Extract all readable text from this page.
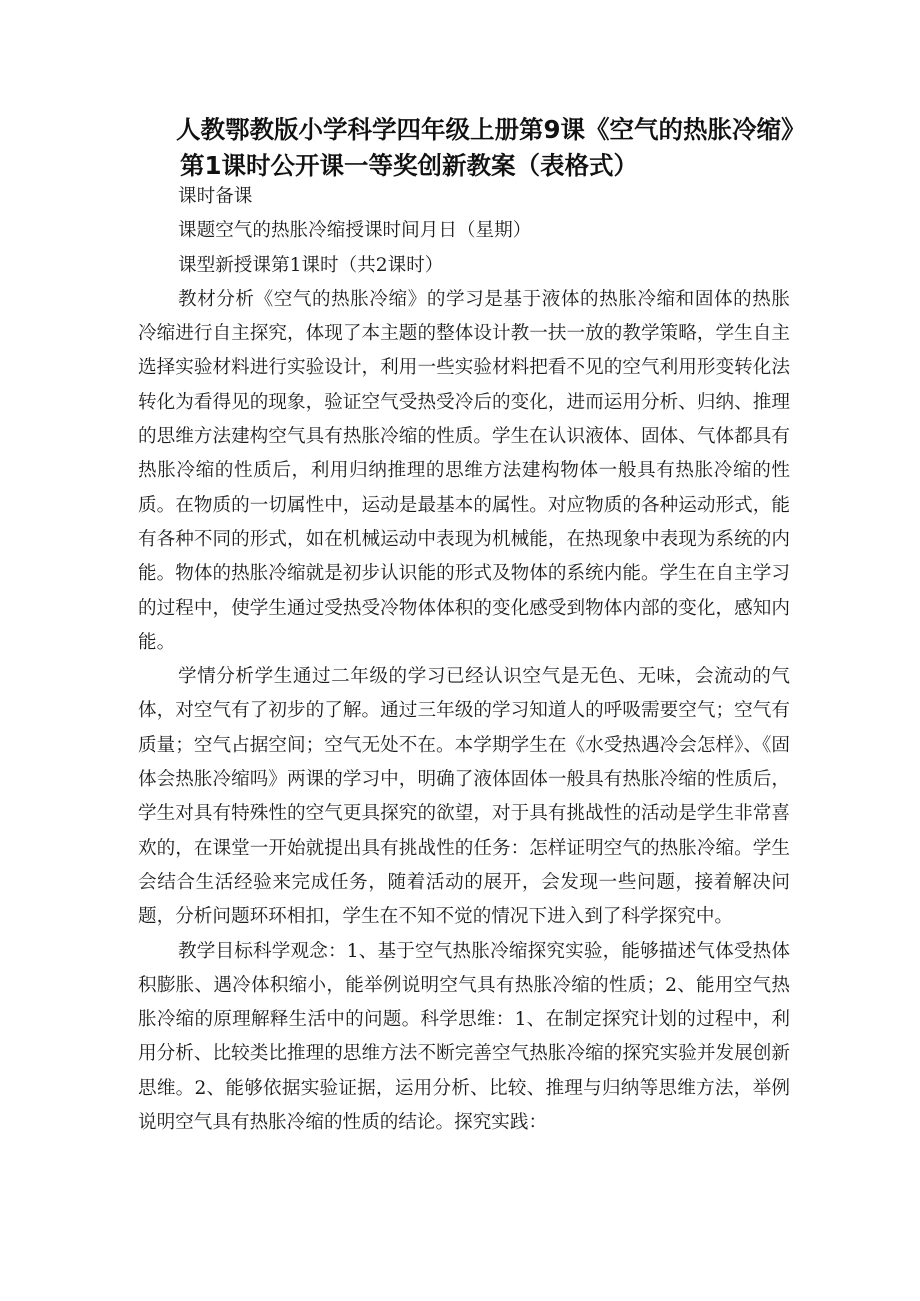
人教鄂教版小学科学四年级上册第9课《空气的热胀冷缩》
第1课时公开课一等奖创新教案（表格式）

课时备课

课题空气的热胀冷缩授课时间月日（星期）

课型新授课第1课时（共2课时）

教材分析《空气的热胀冷缩》的学习是基于液体的热胀冷缩和固体的热胀冷缩进行自主探究，体现了本主题的整体设计教一扶一放的教学策略，学生自主选择实验材料进行实验设计，利用一些实验材料把看不见的空气利用形变转化法转化为看得见的现象，验证空气受热受冷后的变化，进而运用分析、归纳、推理的思维方法建构空气具有热胀冷缩的性质。学生在认识液体、固体、气体都具有热胀冷缩的性质后，利用归纳推理的思维方法建构物体一般具有热胀冷缩的性质。在物质的一切属性中，运动是最基本的属性。对应物质的各种运动形式，能有各种不同的形式，如在机械运动中表现为机械能，在热现象中表现为系统的内能。物体的热胀冷缩就是初步认识能的形式及物体的系统内能。学生在自主学习的过程中，使学生通过受热受冷物体体积的变化感受到物体内部的变化，感知内能。

学情分析学生通过二年级的学习已经认识空气是无色、无味，会流动的气体，对空气有了初步的了解。通过三年级的学习知道人的呼吸需要空气；空气有质量；空气占据空间；空气无处不在。本学期学生在《水受热遇冷会怎样》、《固体会热胀冷缩吗》两课的学习中，明确了液体固体一般具有热胀冷缩的性质后，学生对具有特殊性的空气更具探究的欲望，对于具有挑战性的活动是学生非常喜欢的，在课堂一开始就提出具有挑战性的任务：怎样证明空气的热胀冷缩。学生会结合生活经验来完成任务，随着活动的展开，会发现一些问题，接着解决问题，分析问题环环相扣，学生在不知不觉的情况下进入到了科学探究中。

教学目标科学观念：1、基于空气热胀冷缩探究实验，能够描述气体受热体积膨胀、遇冷体积缩小，能举例说明空气具有热胀冷缩的性质；2、能用空气热胀冷缩的原理解释生活中的问题。科学思维：1、在制定探究计划的过程中，利用分析、比较类比推理的思维方法不断完善空气热胀冷缩的探究实验并发展创新思维。2、能够依据实验证据，运用分析、比较、推理与归纳等思维方法，举例说明空气具有热胀冷缩的性质的结论。探究实践：
